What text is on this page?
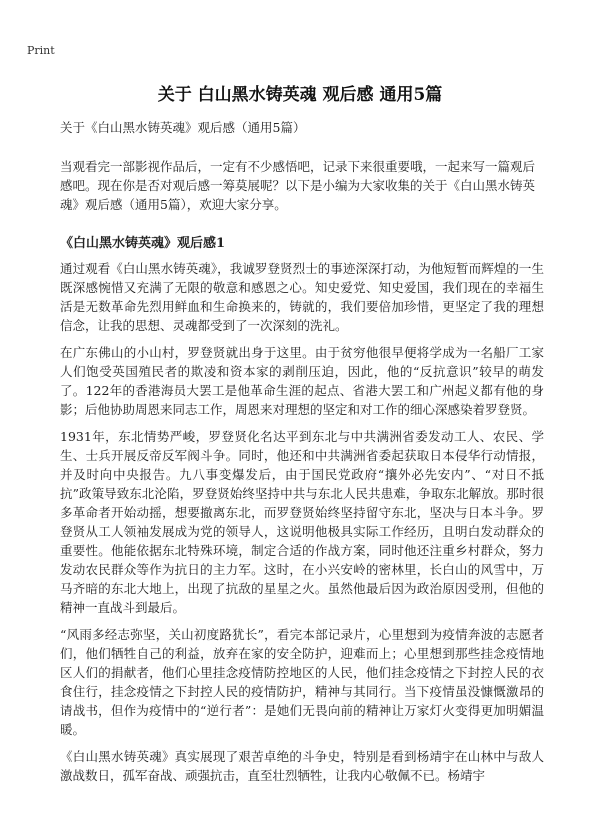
Print
关于 白山黑水铸英魂 观后感 通用5篇

关于《白山黑水铸英魂》观后感（通用5篇）

当观看完一部影视作品后，一定有不少感悟吧，记录下来很重要哦，一起来写一篇观后感吧。现在你是否对观后感一筹莫展呢？以下是小编为大家收集的关于《白山黑水铸英魂》观后感（通用5篇），欢迎大家分享。

《白山黑水铸英魂》观后感1

通过观看《白山黑水铸英魂》，我诚罗登贤烈士的事迹深深打动，为他短暂而辉煌的一生既深感惋惜又充满了无限的敬意和感恩之心。知史爱党、知史爱国，我们现在的幸福生活是无数革命先烈用鲜血和生命换来的，铸就的，我们要倍加珍惜，更坚定了我的理想信念，让我的思想、灵魂都受到了一次深刻的洗礼。

在广东佛山的小山村，罗登贤就出身于这里。由于贫穷他很早便将学成为一名船厂工家人们饱受英国殖民者的欺凌和资本家的剥削压迫，因此，他的“反抗意识”较早的萌发了。122年的香港海员大罢工是他革命生涯的起点、省港大罢工和广州起义都有他的身影；后他协助周恩来同志工作，周恩来对理想的坚定和对工作的细心深感染着罗登贤。

1931年，东北情势严峻，罗登贤化名达平到东北与中共满洲省委发动工人、农民、学生、士兵开展反帝反军阀斗争。同时，他还和中共满洲省委起获取日本侵华行动情报，并及时向中央报告。九八事变爆发后，由于国民党政府“攘外必先安内”、“对日不抵抗”政策导致东北沦陷，罗登贤始终坚持中共与东北人民共患难，争取东北解放。那时很多革命者开始动摇，想要撤离东北，而罗登贤始终坚持留守东北，坚决与日本斗争。罗登贤从工人领袖发展成为党的领导人，这说明他极具实际工作经历，且明白发动群众的重要性。他能依据东北特殊环境，制定合适的作战方案，同时他还注重乡村群众，努力发动农民群众等作为抗日的主力军。这时，在小兴安岭的密林里，长白山的风雪中，万马齐暗的东北大地上，出现了抗敌的星星之火。虽然他最后因为政治原因受刑，但他的精神一直战斗到最后。

“风雨多经志弥坚，关山初度路犹长”，看完本部记录片，心里想到为疫情奔波的志愿者们，他们牺牲自己的利益，放弃在家的安全防护，迎难而上；心里想到那些挂念疫情地区人们的捐献者，他们心里挂念疫情防控地区的人民，他们挂念疫情之下封控人民的衣食住行，挂念疫情之下封控人民的疫情防护，精神与其同行。当下疫情虽没慷慨激昂的请战书，但作为疫情中的“逆行者”：是她们无畏向前的精神让万家灯火变得更加明媚温暖。

《白山黑水铸英魂》真实展现了艰苦卓绝的斗争史，特别是看到杨靖宇在山林中与敌人激战数日，孤军奋战、顽强抗击，直至壮烈牺牲，让我内心敬佩不已。杨靖宇
